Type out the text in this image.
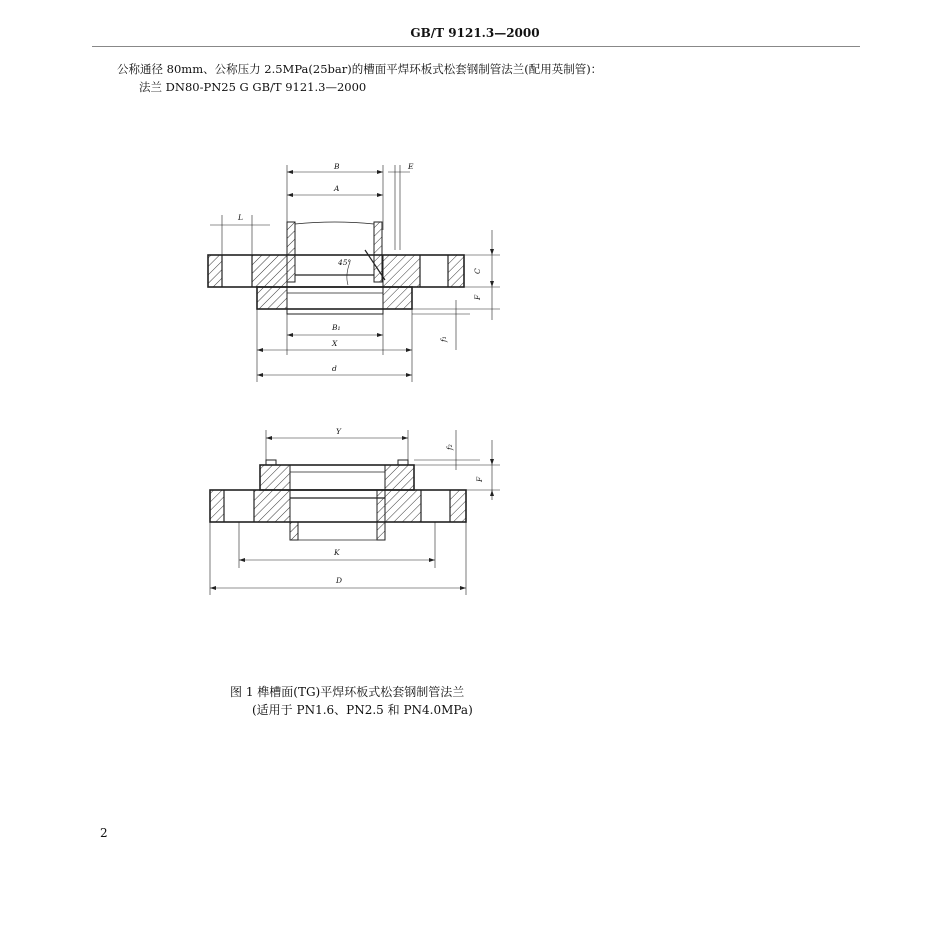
GB/T 9121.3—2000
公称通径 80mm、公称压力 2.5MPa(25bar)的槽面平焊环板式松套钢制管法兰(配用英制管)：
法兰 DN80-PN25 G GB/T 9121.3—2000
B	E
A
L
45°
C
F
f₁
B₁
X
d
Y
f₂
F
K
D
图 1 榫槽面(TG)平焊环板式松套钢制管法兰
(适用于 PN1.6、PN2.5 和 PN4.0MPa)
2
